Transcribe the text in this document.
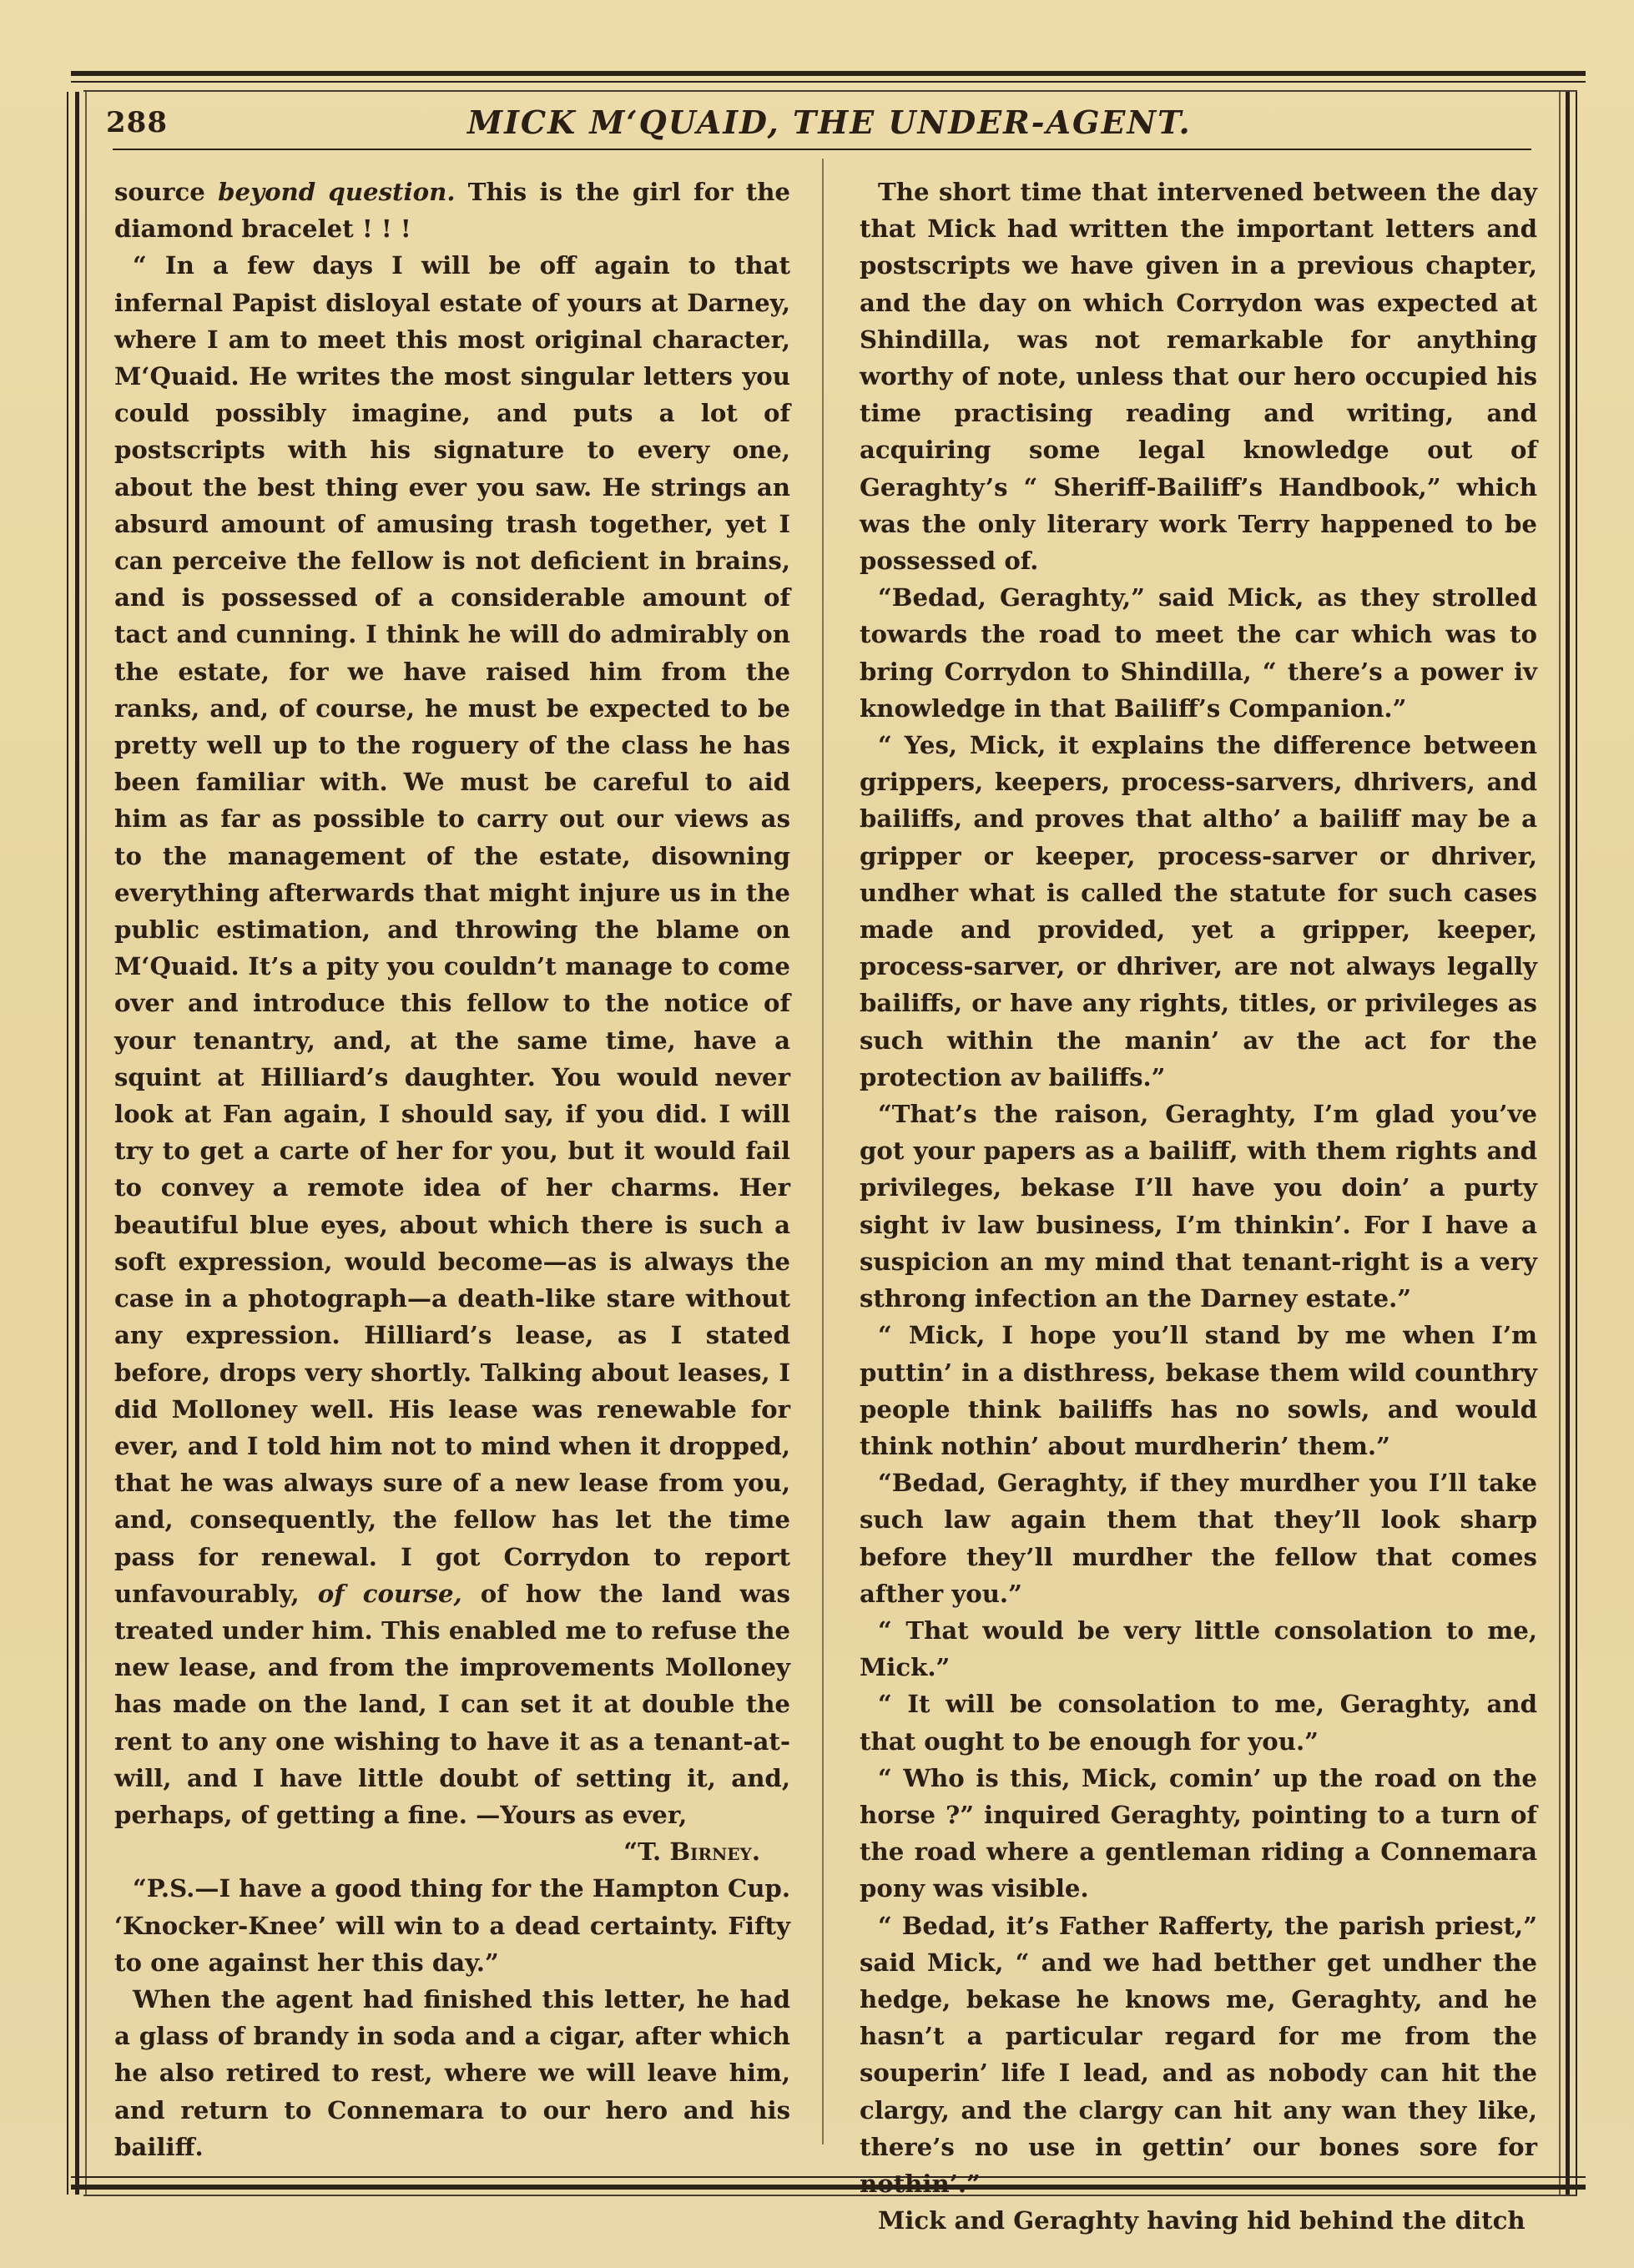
288	MICK M‘QUAID, THE UNDER-AGENT.

source beyond question. This is the girl for the diamond bracelet ! ! !

“ In a few days I will be off again to that infernal Papist disloyal estate of yours at Darney, where I am to meet this most original character, M‘Quaid. He writes the most singular letters you could possibly imagine, and puts a lot of postscripts with his signature to every one, about the best thing ever you saw. He strings an absurd amount of amusing trash together, yet I can perceive the fellow is not deficient in brains, and is possessed of a considerable amount of tact and cunning. I think he will do admirably on the estate, for we have raised him from the ranks, and, of course, he must be expected to be pretty well up to the roguery of the class he has been familiar with. We must be careful to aid him as far as possible to carry out our views as to the management of the estate, disowning everything afterwards that might injure us in the public estimation, and throwing the blame on M‘Quaid. It’s a pity you couldn’t manage to come over and introduce this fellow to the notice of your tenantry, and, at the same time, have a squint at Hilliard’s daughter. You would never look at Fan again, I should say, if you did. I will try to get a carte of her for you, but it would fail to convey a remote idea of her charms. Her beautiful blue eyes, about which there is such a soft expression, would become—as is always the case in a photograph—a death-like stare without any expression. Hilliard’s lease, as I stated before, drops very shortly. Talking about leases, I did Molloney well. His lease was renewable for ever, and I told him not to mind when it dropped, that he was always sure of a new lease from you, and, consequently, the fellow has let the time pass for renewal. I got Corrydon to report unfavourably, of course, of how the land was treated under him. This enabled me to refuse the new lease, and from the improvements Molloney has made on the land, I can set it at double the rent to any one wishing to have it as a tenant-at-will, and I have little doubt of setting it, and, perhaps, of getting a fine. —Yours as ever,

“T. Birney.

“P.S.—I have a good thing for the Hampton Cup. ‘Knocker-Knee’ will win to a dead certainty. Fifty to one against her this day.”

When the agent had finished this letter, he had a glass of brandy in soda and a cigar, after which he also retired to rest, where we will leave him, and return to Connemara to our hero and his bailiff.

The short time that intervened between the day that Mick had written the important letters and postscripts we have given in a previous chapter, and the day on which Corrydon was expected at Shindilla, was not remarkable for anything worthy of note, unless that our hero occupied his time practising reading and writing, and acquiring some legal knowledge out of Geraghty’s “ Sheriff-Bailiff’s Handbook,” which was the only literary work Terry happened to be possessed of.

“Bedad, Geraghty,” said Mick, as they strolled towards the road to meet the car which was to bring Corrydon to Shindilla, “ there’s a power iv knowledge in that Bailiff’s Companion.”

“ Yes, Mick, it explains the difference between grippers, keepers, process-sarvers, dhrivers, and bailiffs, and proves that altho’ a bailiff may be a gripper or keeper, process-sarver or dhriver, undher what is called the statute for such cases made and provided, yet a gripper, keeper, process-sarver, or dhriver, are not always legally bailiffs, or have any rights, titles, or privileges as such within the manin’ av the act for the protection av bailiffs.”

“That’s the raison, Geraghty, I’m glad you’ve got your papers as a bailiff, with them rights and privileges, bekase I’ll have you doin’ a purty sight iv law business, I’m thinkin’. For I have a suspicion an my mind that tenant-right is a very sthrong infection an the Darney estate.”

“ Mick, I hope you’ll stand by me when I’m puttin’ in a disthress, bekase them wild counthry people think bailiffs has no sowls, and would think nothin’ about murdherin’ them.”

“Bedad, Geraghty, if they murdher you I’ll take such law again them that they’ll look sharp before they’ll murdher the fellow that comes afther you.”

“ That would be very little consolation to me, Mick.”

“ It will be consolation to me, Geraghty, and that ought to be enough for you.”

“ Who is this, Mick, comin’ up the road on the horse ?” inquired Geraghty, pointing to a turn of the road where a gentleman riding a Connemara pony was visible.

“ Bedad, it’s Father Rafferty, the parish priest,” said Mick, “ and we had betther get undher the hedge, bekase he knows me, Geraghty, and he hasn’t a particular regard for me from the souperin’ life I lead, and as nobody can hit the clargy, and the clargy can hit any wan they like, there’s no use in gettin’ our bones sore for nothin’.”

Mick and Geraghty having hid behind the ditch
